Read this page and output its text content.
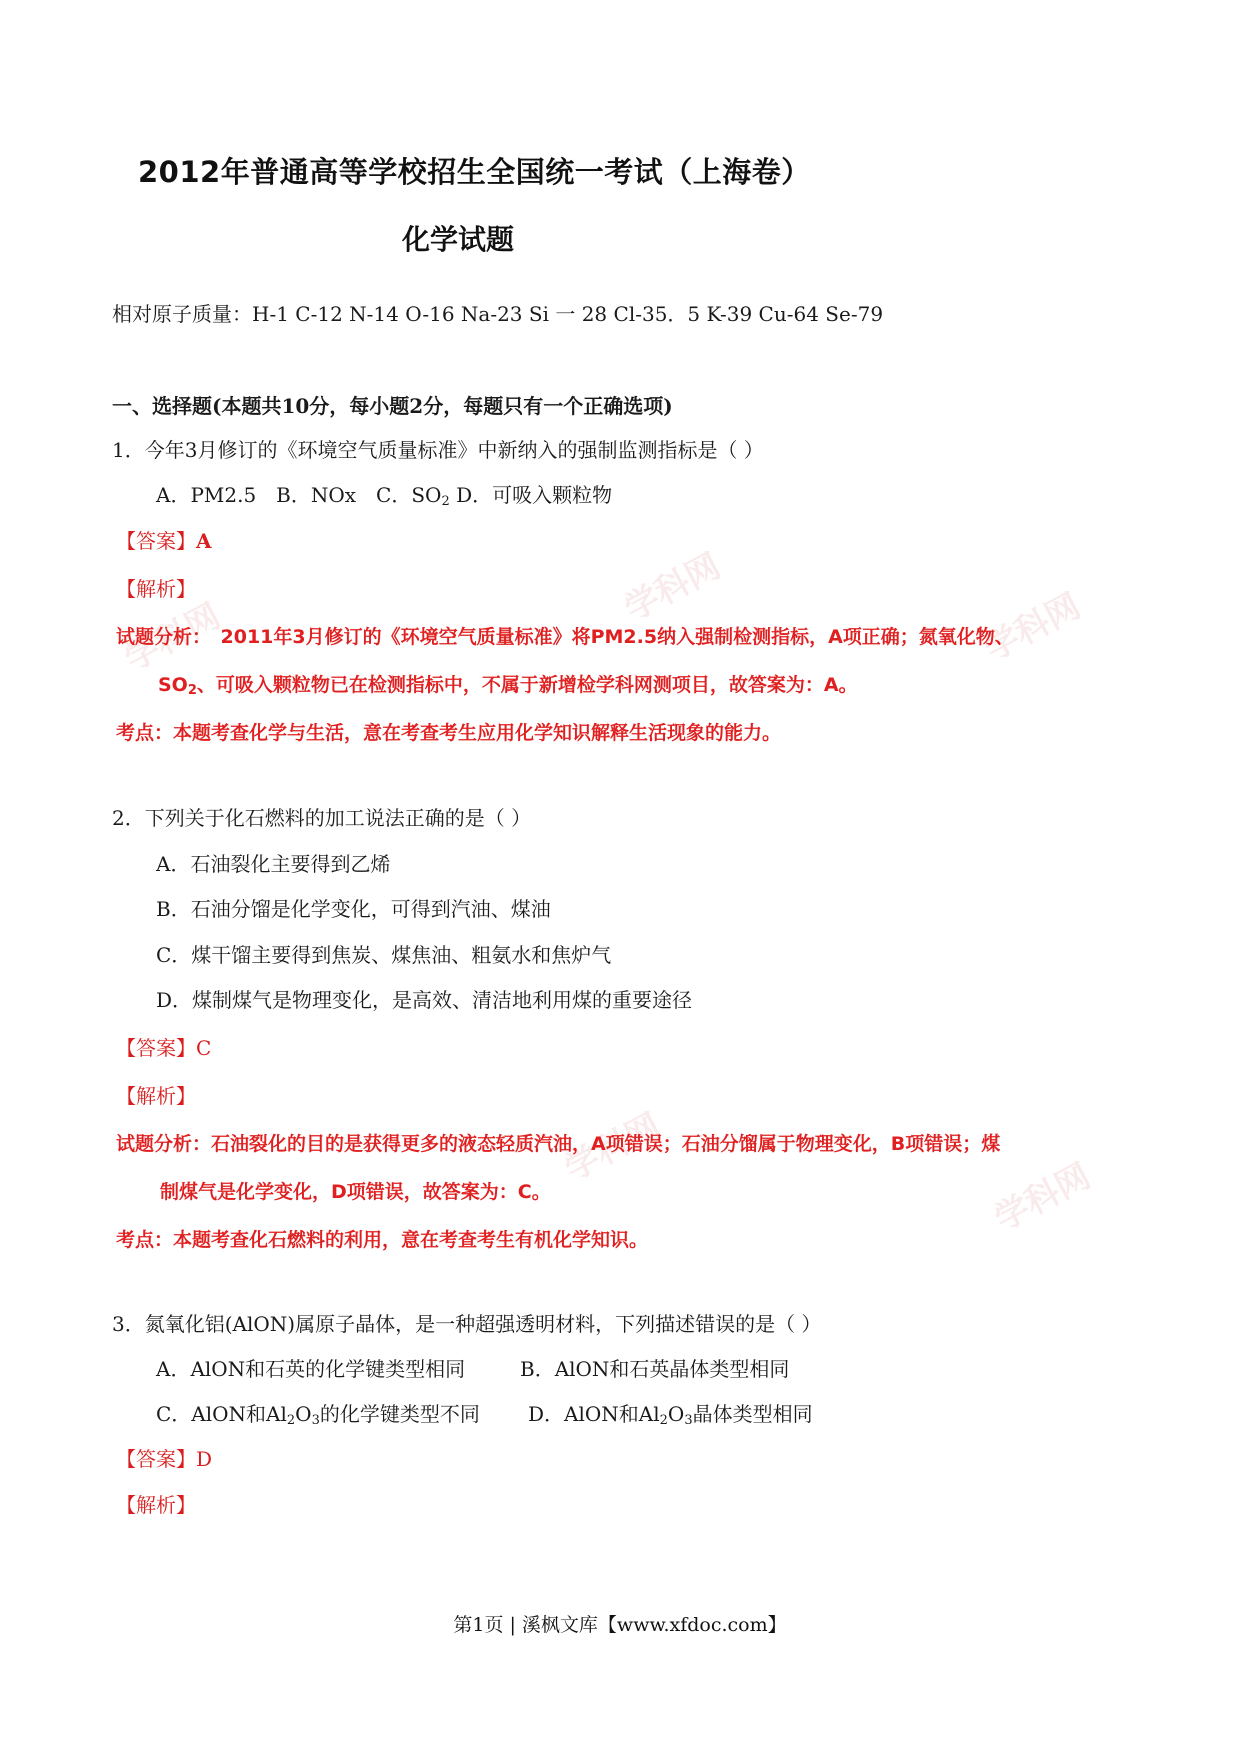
学科网
学科网	学科网
学科网
学科网
2012年普通高等学校招生全国统一考试（上海卷）
化学试题
相对原子质量：H-1 C-12 N-14 O-16 Na-23 Si 一 28 Cl-35．5 K-39 Cu-64 Se-79
一、选择题(本题共10分，每小题2分，每题只有一个正确选项)
1．今年3月修订的《环境空气质量标准》中新纳入的强制监测指标是（ ）
A．PM2.5　B．NOx　C．$SO_2$ D．可吸入颗粒物
【答案】A
【解析】
试题分析：　2011年3月修订的《环境空气质量标准》将PM2.5纳入强制检测指标，A项正确；氮氧化物、
$SO_2$、可吸入颗粒物已在检测指标中，不属于新增检学科网测项目，故答案为：A。
考点：本题考查化学与生活，意在考查考生应用化学知识解释生活现象的能力。
2．下列关于化石燃料的加工说法正确的是（ ）
A．石油裂化主要得到乙烯
B．石油分馏是化学变化，可得到汽油、煤油
C．煤干馏主要得到焦炭、煤焦油、粗氨水和焦炉气
D．煤制煤气是物理变化，是高效、清洁地利用煤的重要途径
【答案】C
【解析】
试题分析：石油裂化的目的是获得更多的液态轻质汽油，A项错误；石油分馏属于物理变化，B项错误；煤
制煤气是化学变化，D项错误，故答案为：C。
考点：本题考查化石燃料的利用，意在考查考生有机化学知识。
3．氮氧化铝(AlON)属原子晶体，是一种超强透明材料，下列描述错误的是（ ）
A．AlON和石英的化学键类型相同	B．AlON和石英晶体类型相同
C．AlON和$Al_2O_3$的化学键类型不同 D．AlON和$Al_2O_3$晶体类型相同
【答案】D
【解析】
第1页 | 溪枫文库【www.xfdoc.com】
